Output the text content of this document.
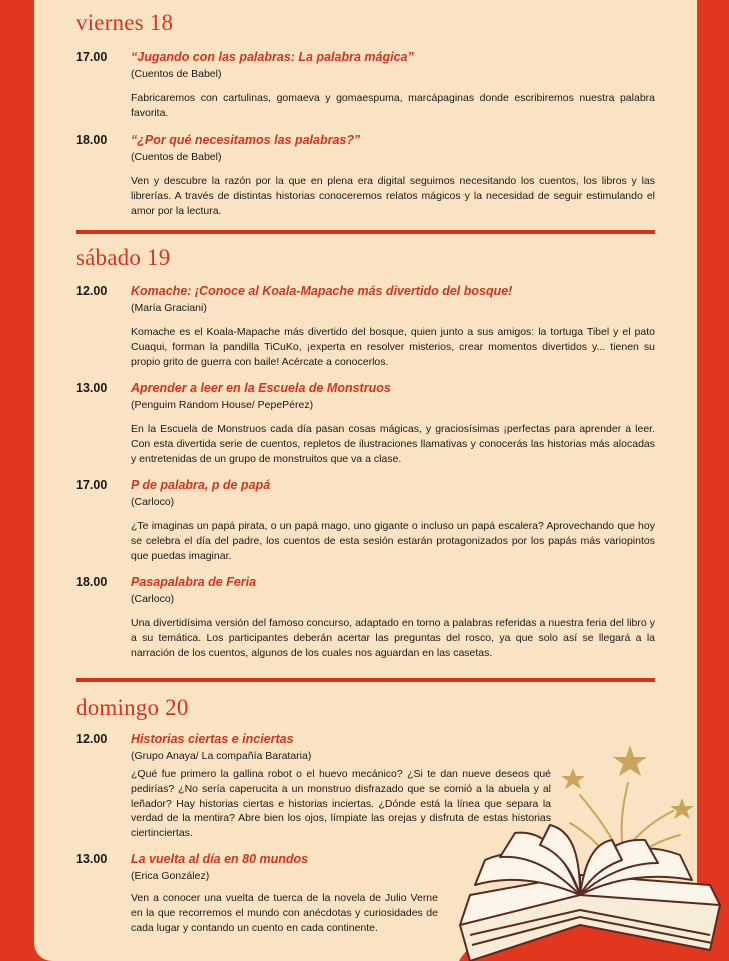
viernes 18
17.00	“Jugando con las palabras: La palabra mágica”
(Cuentos de Babel)
Fabricaremos con cartulinas, gomaeva y gomaespuma, marcápaginas donde escribiremos nuestra palabra favorita.
18.00	“¿Por qué necesitamos las palabras?”
(Cuentos de Babel)
Ven y descubre la razón por la que en plena era digital seguimos necesitando los cuentos, los libros y las librerías. A través de distintas historias conoceremos relatos mágicos y la necesidad de seguir estimulando el amor por la lectura.
sábado 19
12.00	Komache: ¡Conoce al Koala-Mapache más divertido del bosque!
(María Graciani)
Komache es el Koala-Mapache más divertido del bosque, quien junto a sus amigos: la tortuga Tibel y el pato Cuaqui, forman la pandilla TiCuKo, ¡experta en resolver misterios, crear momentos divertidos y... tienen su propio grito de guerra con baile! Acércate a conocerlos.
13.00	Aprender a leer en la Escuela de Monstruos
(Penguim Random House/ PepePérez)
En la Escuela de Monstruos cada día pasan cosas mágicas, y graciosísimas ¡perfectas para aprender a leer. Con esta divertida serie de cuentos, repletos de ilustraciones llamativas y conocerás las historias más alocadas y entretenidas de un grupo de monstruitos que va a clase.
17.00	P de palabra, p de papá
(Carloco)
¿Te imaginas un papá pirata, o un papá mago, uno gigante o incluso un papá escalera? Aprovechando que hoy se celebra el día del padre, los cuentos de esta sesión estarán protagonizados por los papás más variopintos que puedas imaginar.
18.00	Pasapalabra de Feria
(Carloco)
Una divertidísima versión del famoso concurso, adaptado en torno a palabras referidas a nuestra feria del libro y a su temática. Los participantes deberán acertar las preguntas del rosco, ya que solo así se llegará a la narración de los cuentos, algunos de los cuales nos aguardan en las casetas.
domingo 20
12.00	Historias ciertas e inciertas
(Grupo Anaya/ La compañía Barataria)
¿Qué fue primero la gallina robot o el huevo mecánico? ¿Si te dan nueve deseos qué pedirías? ¿No sería caperucita a un monstruo disfrazado que se comió a la abuela y al leñador? Hay historias ciertas e historias inciertas. ¿Dónde está la línea que separa la verdad de la mentira? Abre bien los ojos, límpiate las orejas y disfruta de estas historias ciertinciertas.
13.00	La vuelta al día en 80 mundos
(Erica González)
Ven a conocer una vuelta de tuerca de la novela de Julio Verne en la que recorremos el mundo con anécdotas y curiosidades de cada lugar y contando un cuento en cada continente.
